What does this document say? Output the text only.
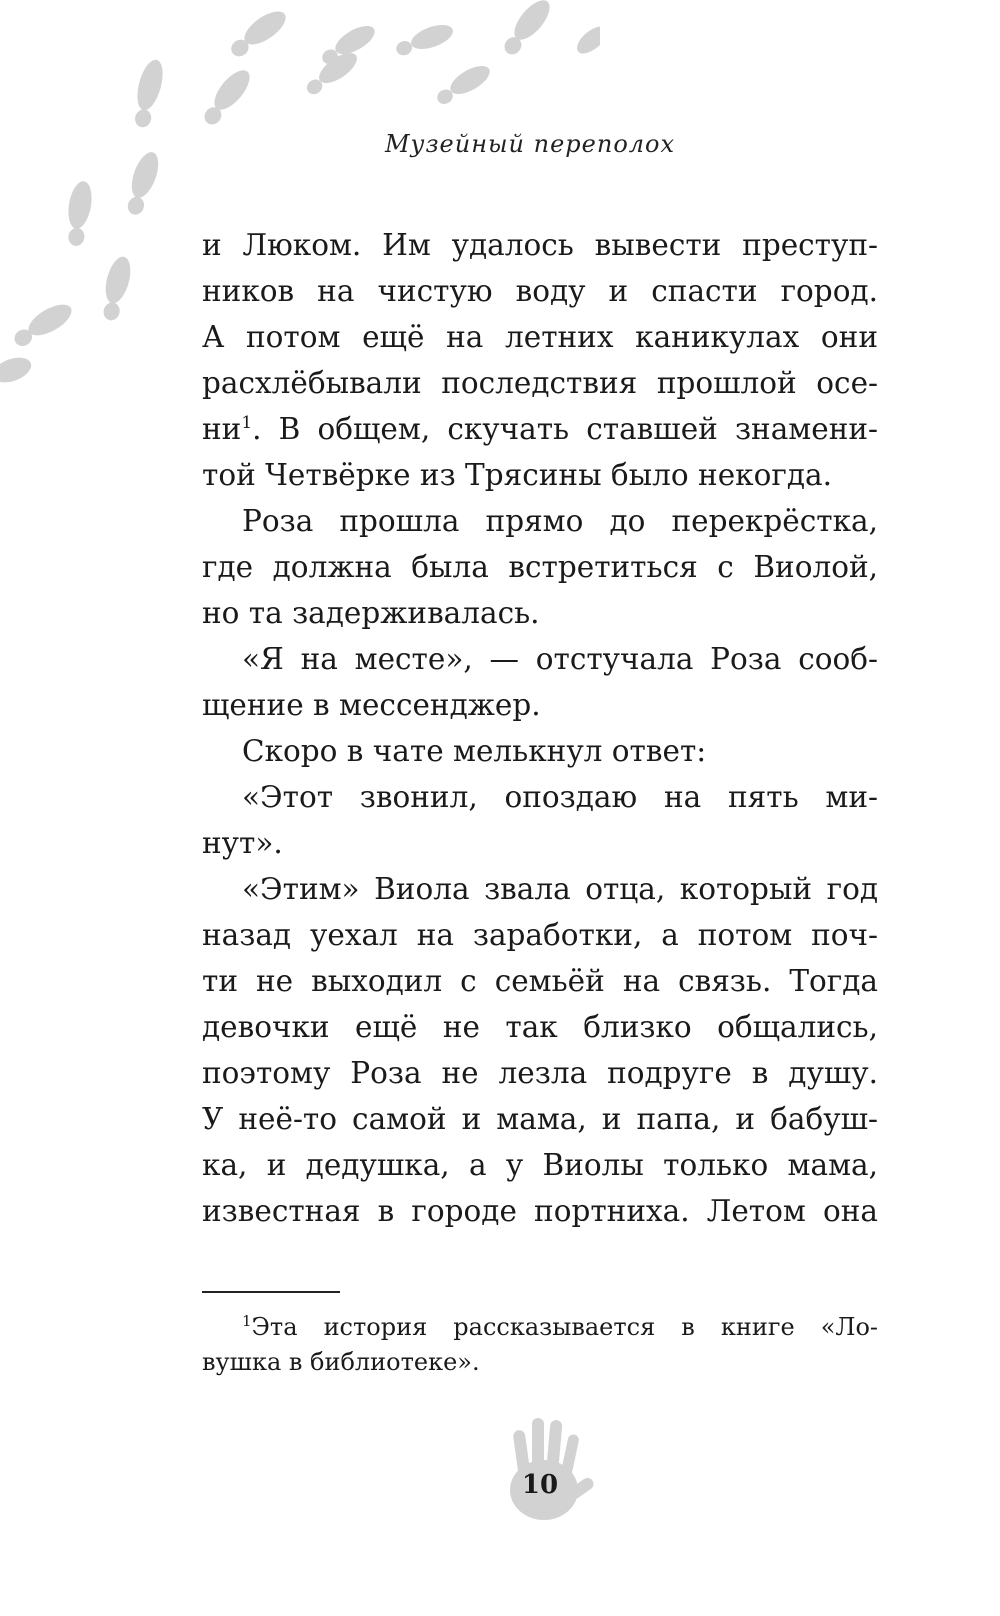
Музейный переполох
и Люком. Им удалось вывести преступ-
ников на чистую воду и спасти город.
А потом ещё на летних каникулах они
расхлёбывали последствия прошлой осе-
$ни^1$. В общем, скучать ставшей знамени-
той Четвёрке из Трясины было некогда.
Роза прошла прямо до перекрёстка,
где должна была встретиться с Виолой,
но та задерживалась.
«Я на месте», — отстучала Роза сооб-
щение в мессенджер.
Скоро в чате мелькнул ответ:
«Этот звонил, опоздаю на пять ми-
нут».
«Этим» Виола звала отца, который год
назад уехал на заработки, а потом поч-
ти не выходил с семьёй на связь. Тогда
девочки ещё не так близко общались,
поэтому Роза не лезла подруге в душу.
У неё-то самой и мама, и папа, и бабуш-
ка, и дедушка, а у Виолы только мама,
известная в городе портниха. Летом она
$^1$Эта история рассказывается в книге «Ло-
вушка в библиотеке».
10
